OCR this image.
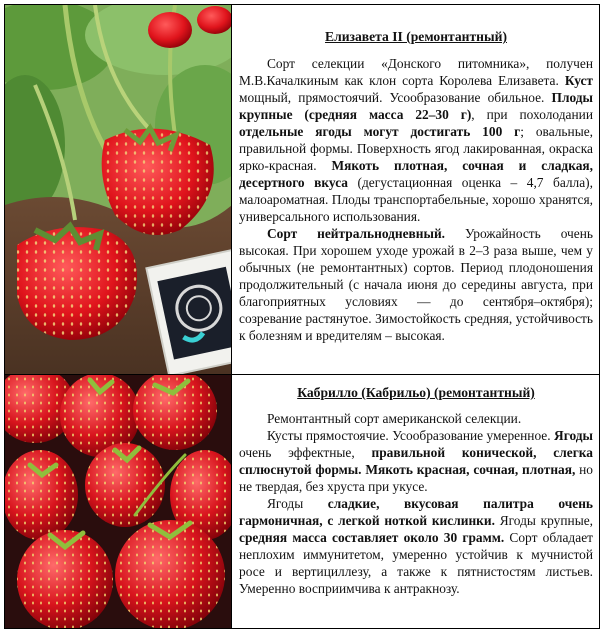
Елизавета II (ремонтантный)

Сорт селекции «Донского питомника», получен М.В.Качалкиным как клон сорта Королева Елизавета. Куст мощный, прямостоячий. Усообразование обильное. Плоды крупные (средняя масса 22–30 г), при похолодании отдельные ягоды могут достигать 100 г; овальные, правильной формы. Поверхность ягод лакированная, окраска ярко-красная. Мякоть плотная, сочная и сладкая, десертного вкуса (дегустационная оценка – 4,7 балла), малоароматная. Плоды транспортабельные, хорошо хранятся, универсального использования.

Сорт нейтральнодневный. Урожайность очень высокая. При хорошем уходе урожай в 2–3 раза выше, чем у обычных (не ремонтантных) сортов. Период плодоношения продолжительный (с начала июня до середины августа, при благоприятных условиях — до сентября–октября); созревание растянутое. Зимостойкость средняя, устойчивость к болезням и вредителям – высокая.

Кабрилло (Кабрильо) (ремонтантный)

Ремонтантный сорт американской селекции.

Кусты прямостоячие. Усообразование умеренное. Ягоды очень эффектные, правильной конической, слегка сплюснутой формы. Мякоть красная, сочная, плотная, но не твердая, без хруста при укусе.

Ягоды сладкие, вкусовая палитра очень гармоничная, с легкой ноткой кислинки. Ягоды крупные, средняя масса составляет около 30 грамм. Сорт обладает неплохим иммунитетом, умеренно устойчив к мучнистой росе и вертициллезу, а также к пятнистостям листьев. Умеренно восприимчива к антракнозу.
